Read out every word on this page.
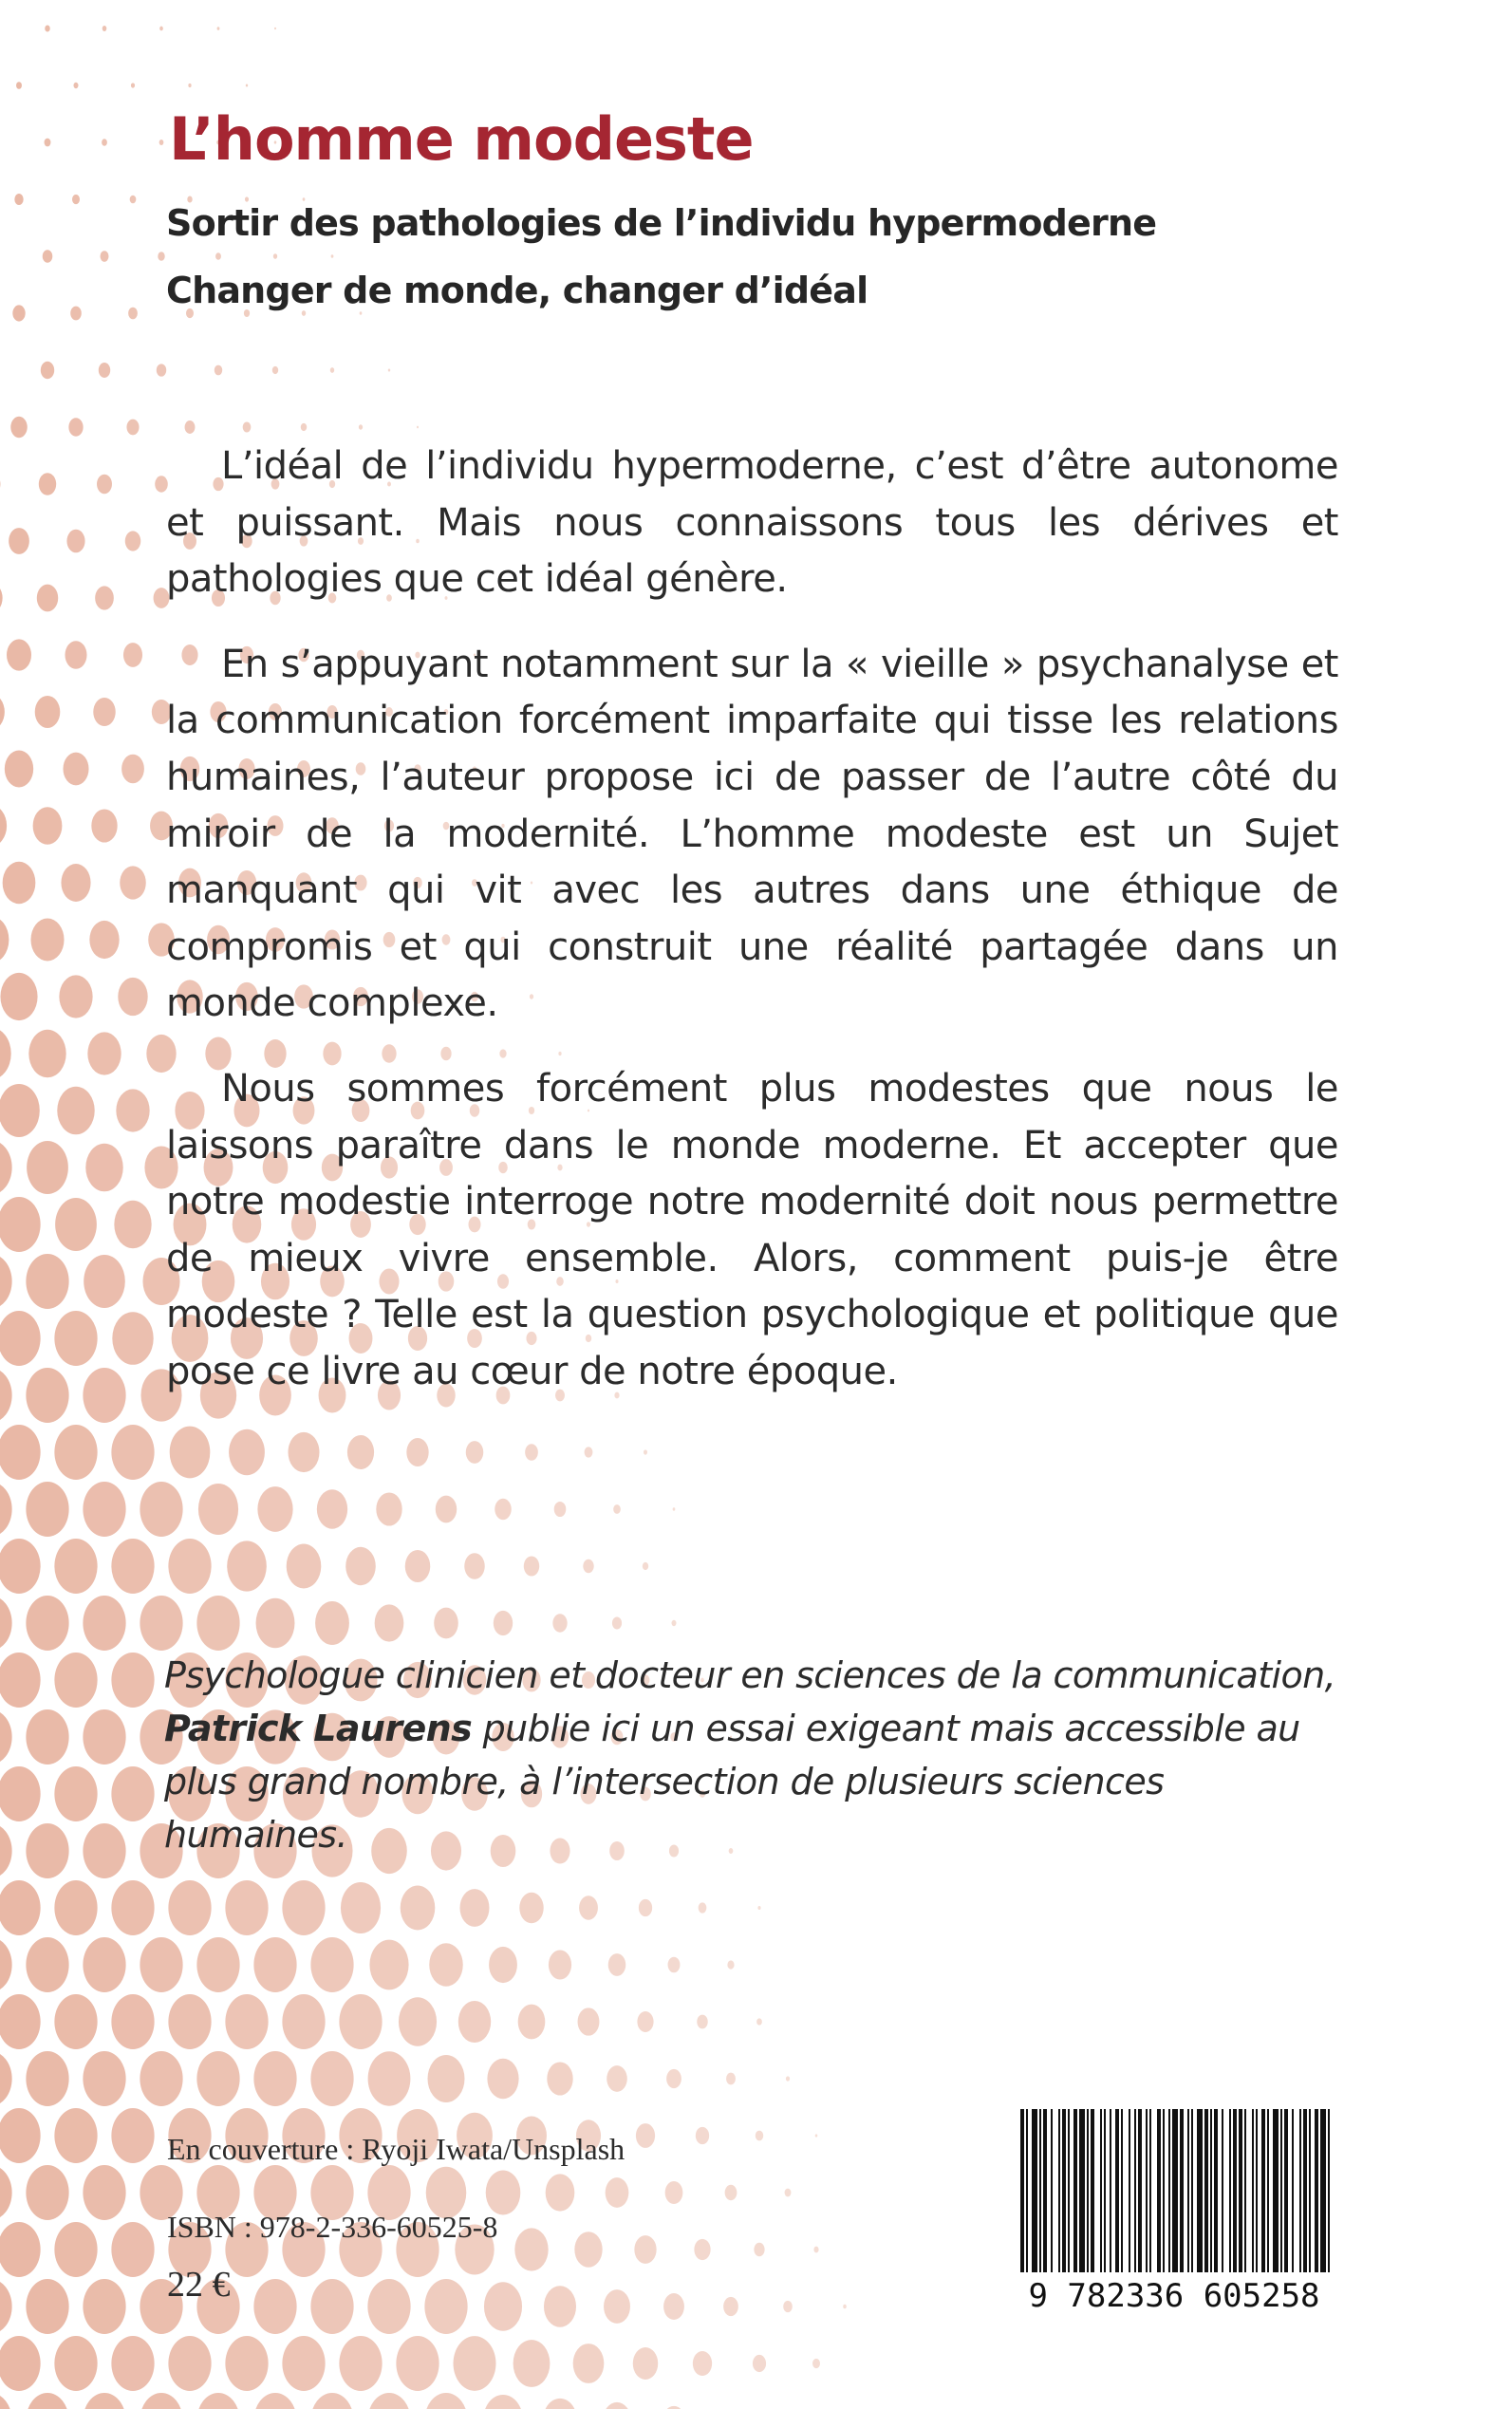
L’homme modeste
Sortir des pathologies de l’individu hypermoderne
Changer de monde, changer d’idéal

L’idéal de l’individu hypermoderne, c’est d’être autonome et puissant. Mais nous connaissons tous les dérives et pathologies que cet idéal génère.

En s’appuyant notamment sur la « vieille » psychanalyse et la communication forcément imparfaite qui tisse les relations humaines, l’auteur propose ici de passer de l’autre côté du miroir de la modernité. L’homme modeste est un Sujet manquant qui vit avec les autres dans une éthique de compromis et qui construit une réalité partagée dans un monde complexe.

Nous sommes forcément plus modestes que nous le laissons paraître dans le monde moderne. Et accepter que notre modestie interroge notre modernité doit nous permettre de mieux vivre ensemble. Alors, comment puis-je être modeste ? Telle est la question psychologique et politique que pose ce livre au cœur de notre époque.

Psychologue clinicien et docteur en sciences de la communication, Patrick Laurens publie ici un essai exigeant mais accessible au plus grand nombre, à l’intersection de plusieurs sciences humaines.

En couverture : Ryoji Iwata/Unsplash

ISBN : 978-2-336-60525-8

22 €	9 782336 605258
